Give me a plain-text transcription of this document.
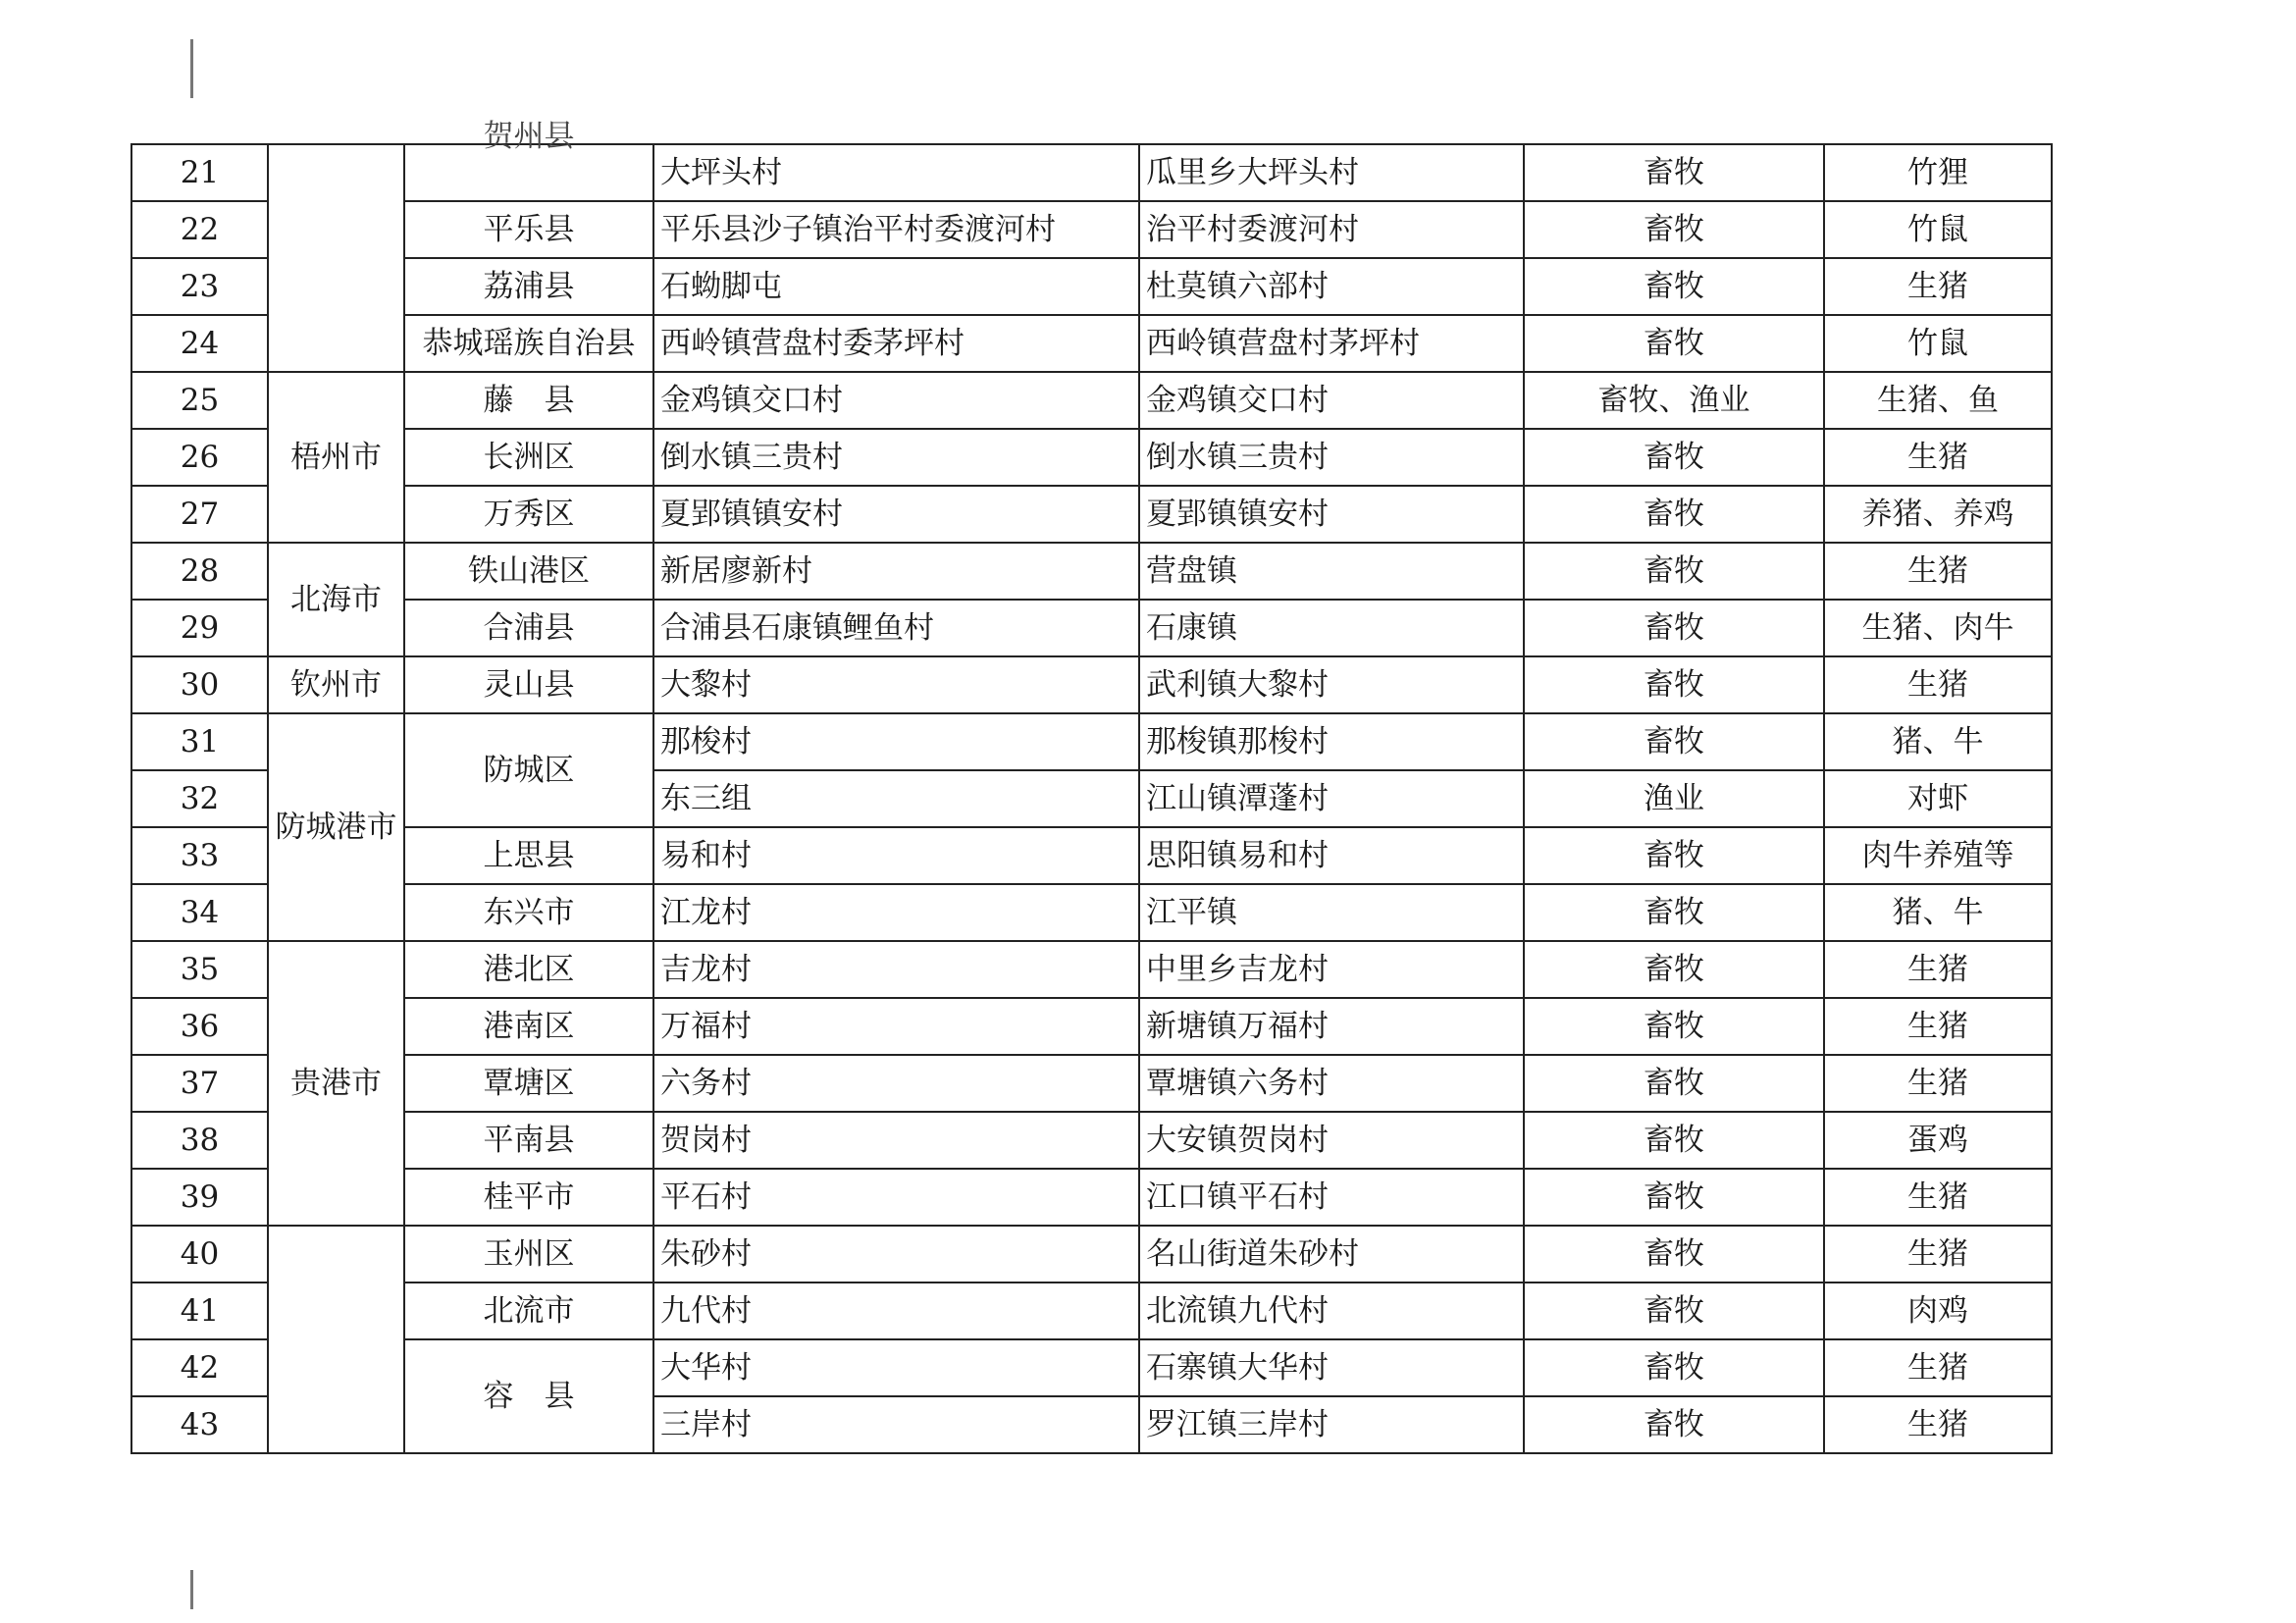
21		贺州县	大坪头村	瓜里乡大坪头村	畜牧	竹狸
22		平乐县	平乐县沙子镇治平村委渡河村	治平村委渡河村	畜牧	竹鼠
23		荔浦县	石蚴脚屯	杜莫镇六部村	畜牧	生猪
24		恭城瑶族自治县	西岭镇营盘村委茅坪村	西岭镇营盘村茅坪村	畜牧	竹鼠
25	梧州市	藤　县	金鸡镇交口村	金鸡镇交口村	畜牧、渔业	生猪、鱼
26		长洲区	倒水镇三贵村	倒水镇三贵村	畜牧	生猪
27		万秀区	夏郢镇镇安村	夏郢镇镇安村	畜牧	养猪、养鸡
28	北海市	铁山港区	新居廖新村	营盘镇	畜牧	生猪
29		合浦县	合浦县石康镇鲤鱼村	石康镇	畜牧	生猪、肉牛
30	钦州市	灵山县	大黎村	武利镇大黎村	畜牧	生猪
31	防城港市	防城区	那梭村	那梭镇那梭村	畜牧	猪、牛
32			东三组	江山镇潭蓬村	渔业	对虾
33		上思县	易和村	思阳镇易和村	畜牧	肉牛养殖等
34		东兴市	江龙村	江平镇	畜牧	猪、牛
35	贵港市	港北区	吉龙村	中里乡吉龙村	畜牧	生猪
36		港南区	万福村	新塘镇万福村	畜牧	生猪
37		覃塘区	六务村	覃塘镇六务村	畜牧	生猪
38		平南县	贺岗村	大安镇贺岗村	畜牧	蛋鸡
39		桂平市	平石村	江口镇平石村	畜牧	生猪
40		玉州区	朱砂村	名山街道朱砂村	畜牧	生猪
41		北流市	九代村	北流镇九代村	畜牧	肉鸡
42		容　县	大华村	石寨镇大华村	畜牧	生猪
43			三岸村	罗江镇三岸村	畜牧	生猪
